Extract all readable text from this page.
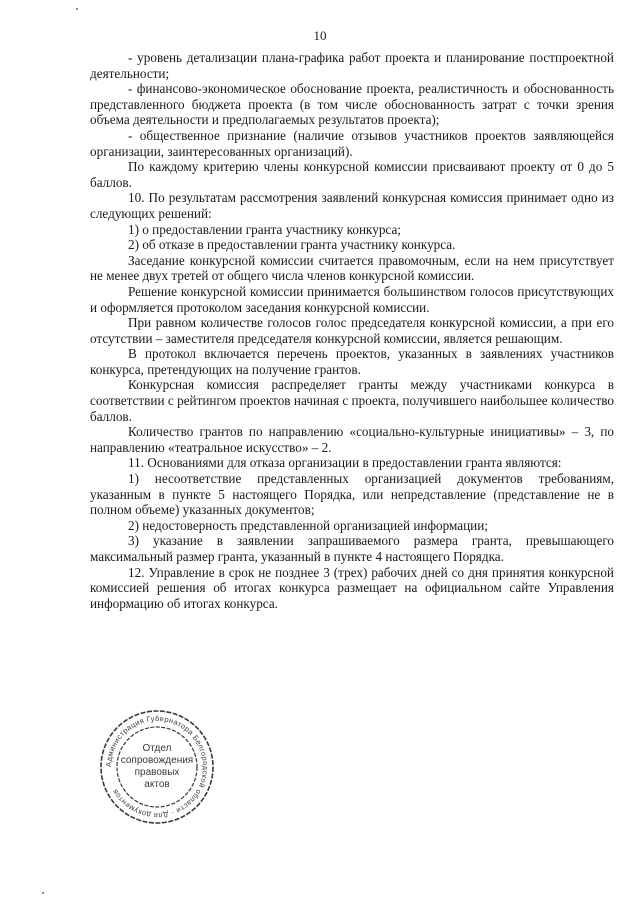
10

- уровень детализации плана-графика работ проекта и планирование постпроектной деятельности;

- финансово-экономическое обоснование проекта, реалистичность и обоснованность представленного бюджета проекта (в том числе обоснованность затрат с точки зрения объема деятельности и предполагаемых результатов проекта);

- общественное признание (наличие отзывов участников проектов заявляющейся организации, заинтересованных организаций).

По каждому критерию члены конкурсной комиссии присваивают проекту от 0 до 5 баллов.

10. По результатам рассмотрения заявлений конкурсная комиссия принимает одно из следующих решений:

1) о предоставлении гранта участнику конкурса;

2) об отказе в предоставлении гранта участнику конкурса.

Заседание конкурсной комиссии считается правомочным, если на нем присутствует не менее двух третей от общего числа членов конкурсной комиссии.

Решение конкурсной комиссии принимается большинством голосов присутствующих и оформляется протоколом заседания конкурсной комиссии.

При равном количестве голосов голос председателя конкурсной комиссии, а при его отсутствии – заместителя председателя конкурсной комиссии, является решающим.

В протокол включается перечень проектов, указанных в заявлениях участников конкурса, претендующих на получение грантов.

Конкурсная комиссия распределяет гранты между участниками конкурса в соответствии с рейтингом проектов начиная с проекта, получившего наибольшее количество баллов.

Количество грантов по направлению «социально-культурные инициативы» – 3, по направлению «театральное искусство» – 2.

11. Основаниями для отказа организации в предоставлении гранта являются:

1) несоответствие представленных организацией документов требованиям, указанным в пункте 5 настоящего Порядка, или непредставление (представление не в полном объеме) указанных документов;

2) недостоверность представленной организацией информации;

3) указание в заявлении запрашиваемого размера гранта, превышающего максимальный размер гранта, указанный в пункте 4 настоящего Порядка.

12. Управление в срок не позднее 3 (трех) рабочих дней со дня принятия конкурсной комиссией решения об итогах конкурса размещает на официальном сайте Управления информацию об итогах конкурса.

Администрация Губернатора Белгородской области · Для документов
Отдел
сопровождения
правовых
актов
